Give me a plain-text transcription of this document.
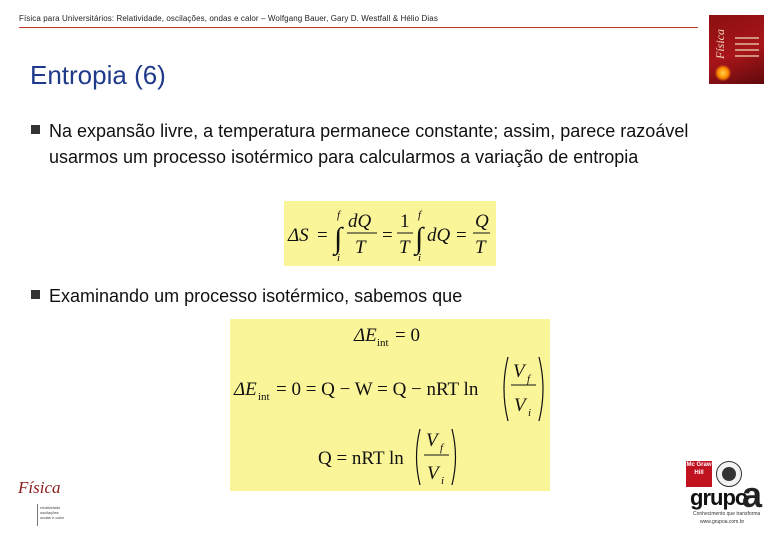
Física para Universitários: Relatividade, oscilações, ondas e calor – Wolfgang Bauer, Gary D. Westfall & Hélio Dias
Física
Entropia (6)
Na expansão livre, a temperatura permanece constante; assim, parece razoável usarmos um processo isotérmico para calcularmos a variação de entropia
ΔS =
f
∫
i
dQ
T
=
1
T
f
∫
i
dQ =
Q
T
Examinando um processo isotérmico, sabemos que
ΔE int = 0
ΔE int = 0 = Q − W = Q − nRT ln
V f
V i
Q = nRT ln
V f
V i
Física
relatividade oscilações ondas e calor
Mc Graw Hill
grupo
a
Conhecimento que transforma
www.grupoa.com.br
